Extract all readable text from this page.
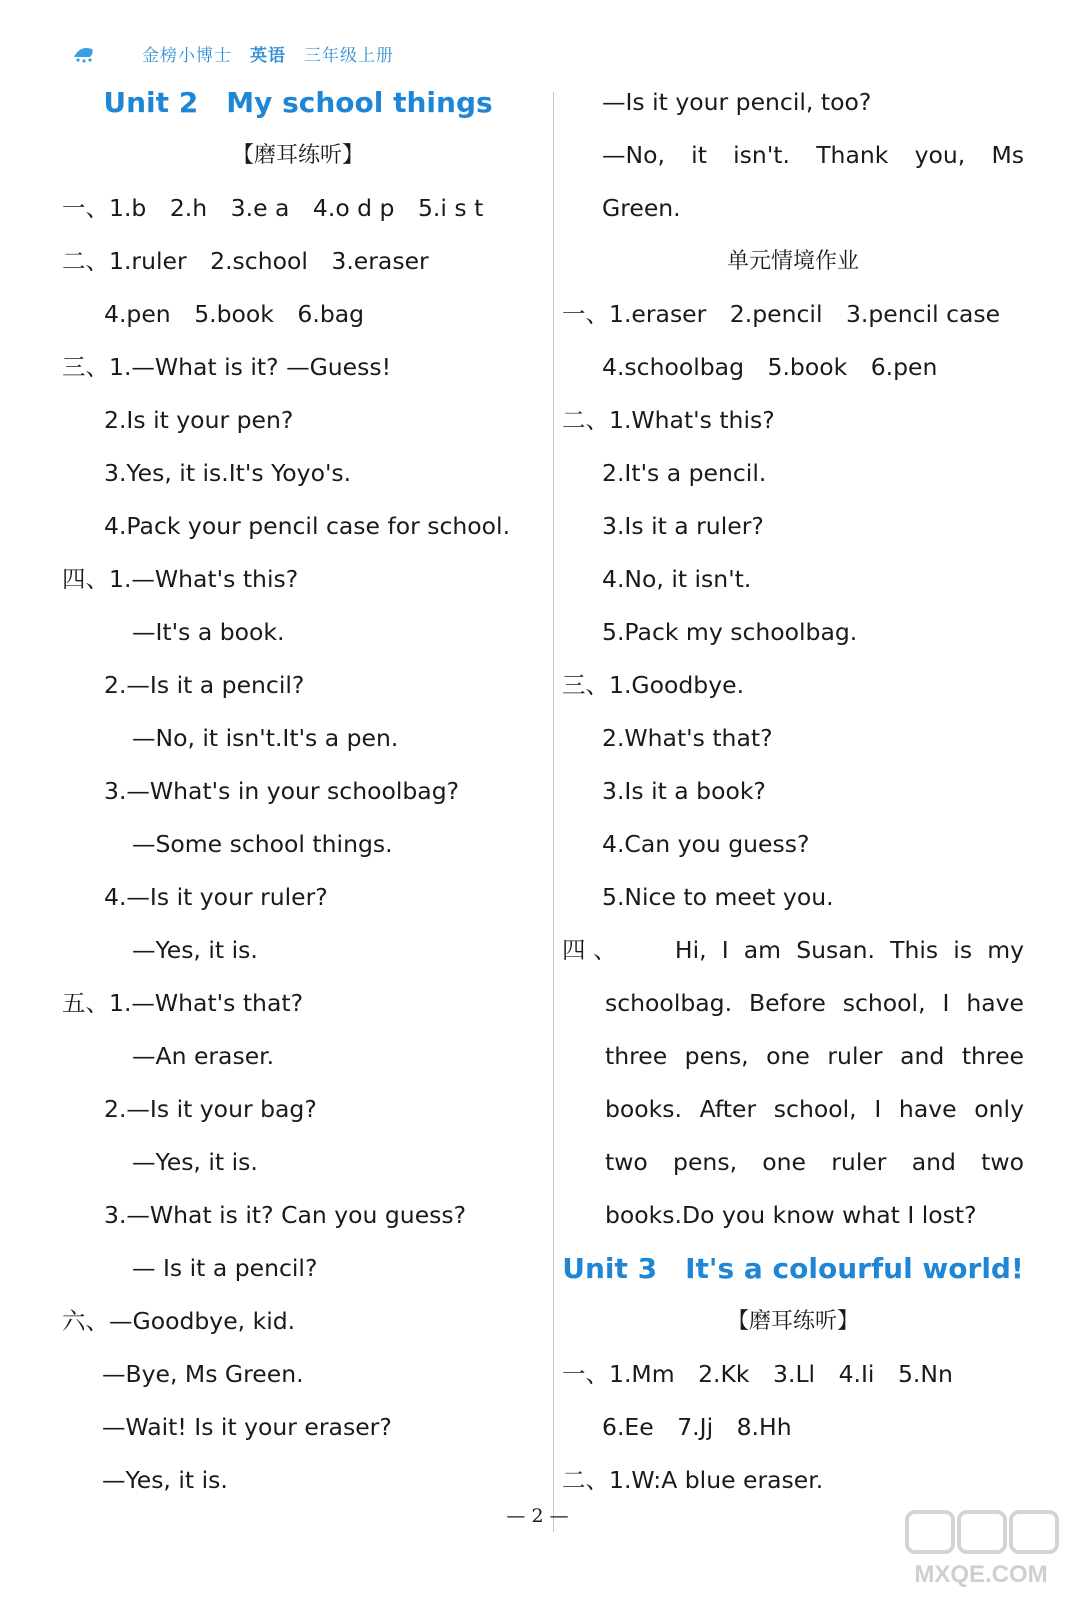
金榜小博士 英语 三年级上册
Unit 2　My school things
【磨耳练听】
一、1.b　2.h　3.e a　4.o d p　5.i s t
二、1.ruler　2.school　3.eraser
4.pen　5.book　6.bag
三、1.—What is it? —Guess!
2.Is it your pen?
3.Yes, it is.It's Yoyo's.
4.Pack your pencil case for school.
四、1.—What's this?
—It's a book.
2.—Is it a pencil?
—No, it isn't.It's a pen.
3.—What's in your schoolbag?
—Some school things.
4.—Is it your ruler?
—Yes, it is.
五、1.—What's that?
—An eraser.
2.—Is it your bag?
—Yes, it is.
3.—What is it? Can you guess?
— Is it a pencil?
六、—Goodbye, kid.
—Bye, Ms Green.
—Wait! Is it your eraser?
—Yes, it is.
—Is it your pencil, too?
—No, it isn't. Thank you, Ms
Green.
单元情境作业
一、1.eraser　2.pencil　3.pencil case
4.schoolbag　5.book　6.pen
二、1.What's this?
2.It's a pencil.
3.Is it a ruler?
4.No, it isn't.
5.Pack my schoolbag.
三、1.Goodbye.
2.What's that?
3.Is it a book?
4.Can you guess?
5.Nice to meet you.
四、　　Hi, I am Susan. This is my
schoolbag. Before school, I have
three pens, one ruler and three
books. After school, I have only
two pens, one ruler and two
books.Do you know what I lost?
Unit 3　It's a colourful world!
【磨耳练听】
一、1.Mm　2.Kk　3.Ll　4.Ii　5.Nn
6.Ee　7.Jj　8.Hh
二、1.W:A blue eraser.
— 2 —
MXQE.COM
